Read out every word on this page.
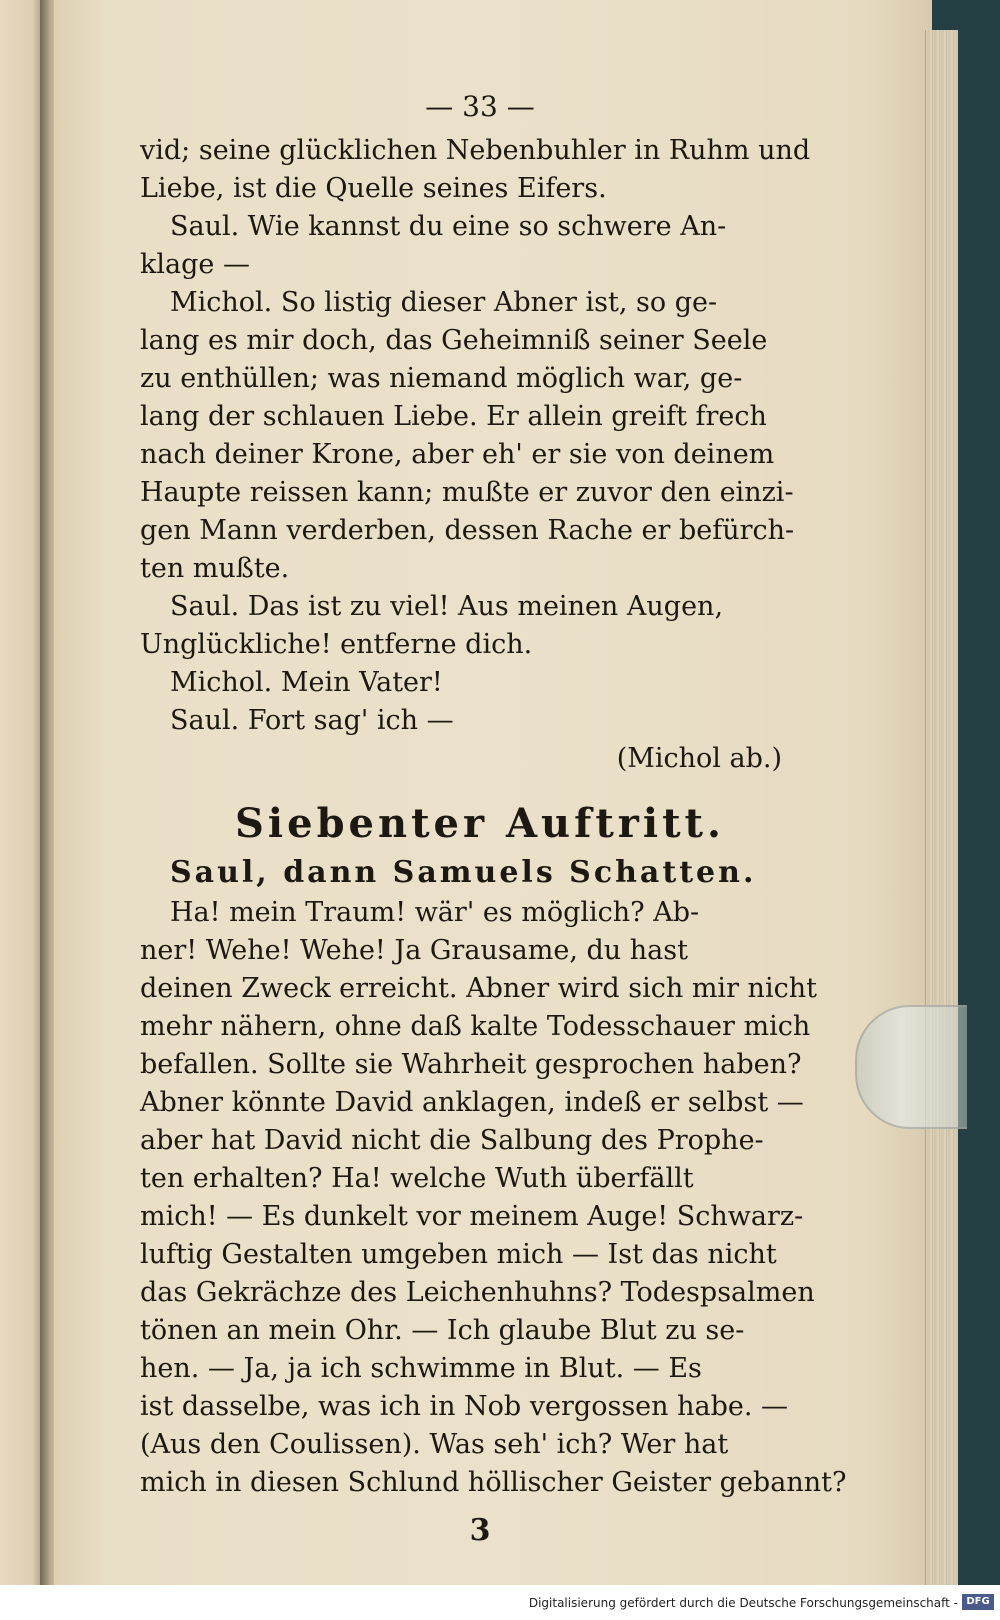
— 33 —
vid; seine glücklichen Nebenbuhler in Ruhm und
Liebe, ist die Quelle seines Eifers.
Saul. Wie kannst du eine so schwere An-
klage —
Michol. So listig dieser Abner ist, so ge-
lang es mir doch, das Geheimniß seiner Seele
zu enthüllen; was niemand möglich war, ge-
lang der schlauen Liebe. Er allein greift frech
nach deiner Krone, aber eh' er sie von deinem
Haupte reissen kann; mußte er zuvor den einzi-
gen Mann verderben, dessen Rache er befürch-
ten mußte.
Saul. Das ist zu viel! Aus meinen Augen,
Unglückliche! entferne dich.
Michol. Mein Vater!
Saul. Fort sag' ich —
(Michol ab.)
Siebenter Auftritt.
Saul, dann Samuels Schatten.
Ha! mein Traum! wär' es möglich? Ab-
ner! Wehe! Wehe! Ja Grausame, du hast
deinen Zweck erreicht. Abner wird sich mir nicht
mehr nähern, ohne daß kalte Todesschauer mich
befallen. Sollte sie Wahrheit gesprochen haben?
Abner könnte David anklagen, indeß er selbst —
aber hat David nicht die Salbung des Prophe-
ten erhalten? Ha! welche Wuth überfällt
mich! — Es dunkelt vor meinem Auge! Schwarz-
luftig Gestalten umgeben mich — Ist das nicht
das Gekrächze des Leichenhuhns? Todespsalmen
tönen an mein Ohr. — Ich glaube Blut zu se-
hen. — Ja, ja ich schwimme in Blut. — Es
ist dasselbe, was ich in Nob vergossen habe. —
(Aus den Coulissen). Was seh' ich? Wer hat
mich in diesen Schlund höllischer Geister gebannt?
3
Digitalisierung gefördert durch die Deutsche Forschungsgemeinschaft - DFG
